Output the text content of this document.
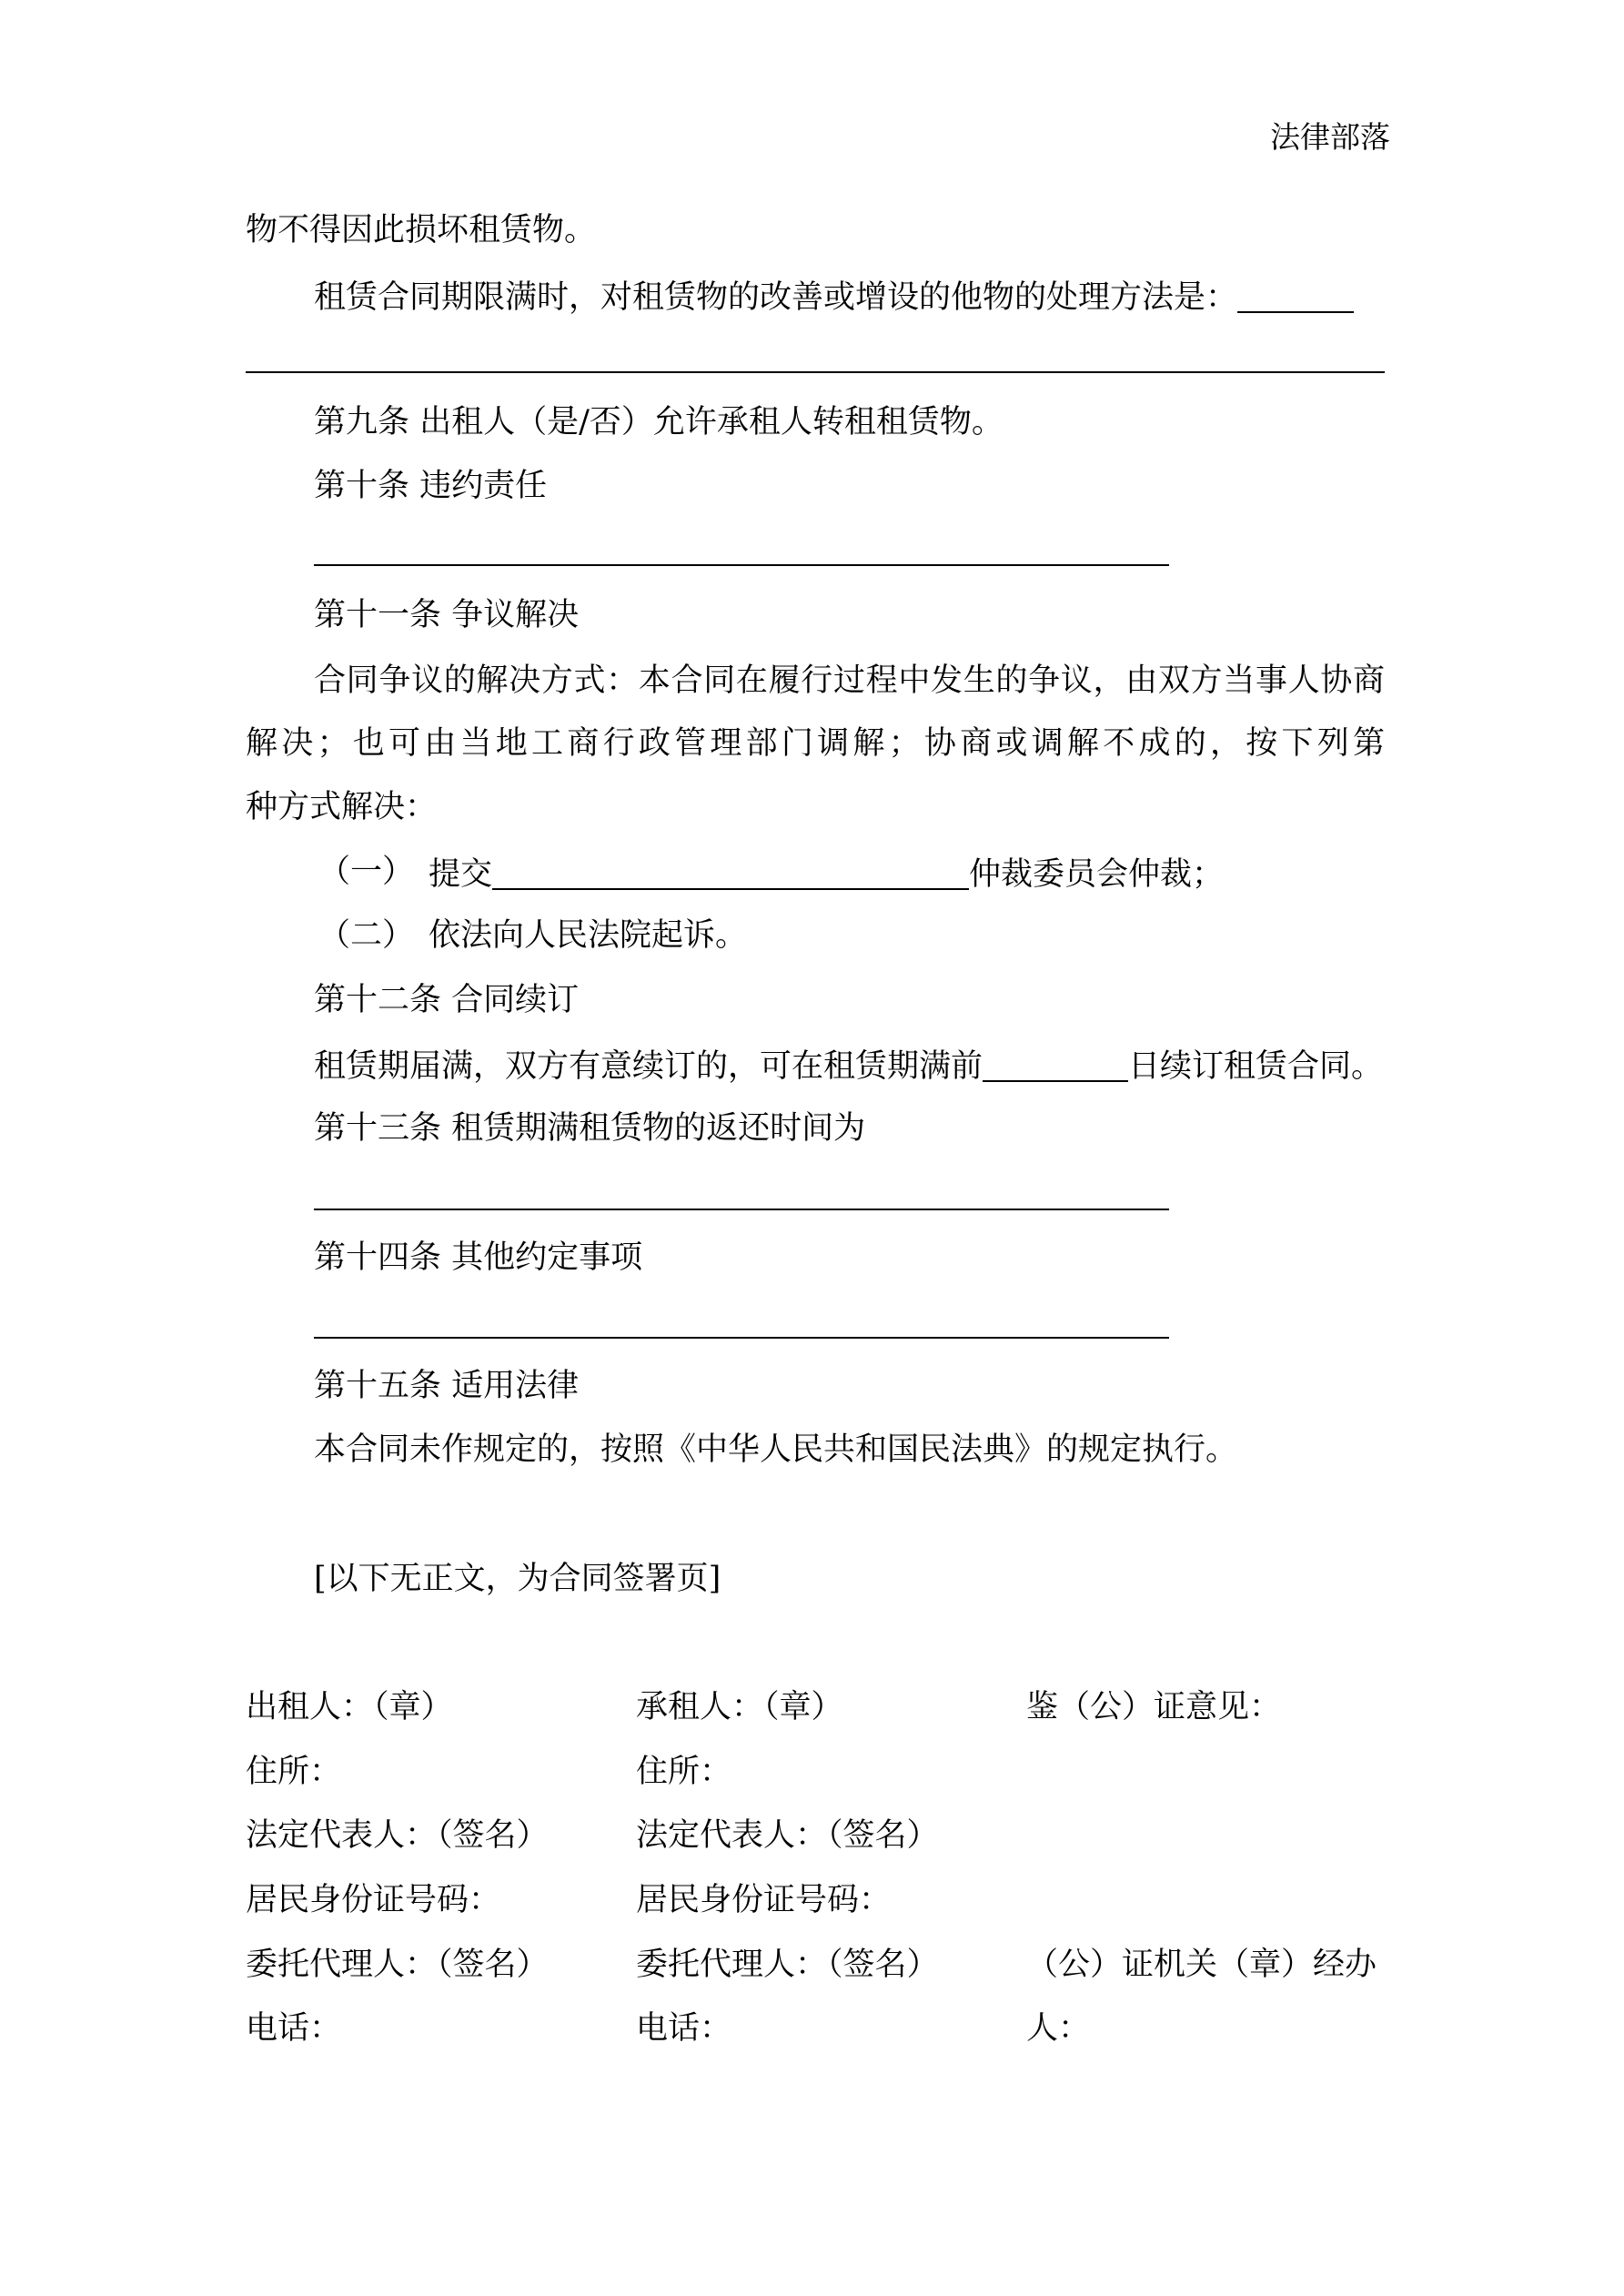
法律部落
物不得因此损坏租赁物。
租赁合同期限满时，对租赁物的改善或增设的他物的处理方法是：
第九条 出租人（是/否）允许承租人转租租赁物。
第十条 违约责任
第十一条 争议解决
合同争议的解决方式：本合同在履行过程中发生的争议，由双方当事人协商
解决；也可由当地工商行政管理部门调解；协商或调解不成的，按下列第
种方式解决：
（一） 提交	仲裁委员会仲裁；
（二） 依法向人民法院起诉。
第十二条 合同续订
租赁期届满，双方有意续订的，可在租赁期满前	日续订租赁合同。
第十三条 租赁期满租赁物的返还时间为
第十四条 其他约定事项
第十五条 适用法律
本合同未作规定的，按照《中华人民共和国民法典》的规定执行。
[以下无正文，为合同签署页]
出租人：（章）
住所：
法定代表人：（签名）
居民身份证号码：
委托代理人：（签名）
电话：
承租人：（章）
住所：
法定代表人：（签名）
居民身份证号码：
委托代理人：（签名）
电话：
鉴（公）证意见：
（公）证机关（章）经办
人：
